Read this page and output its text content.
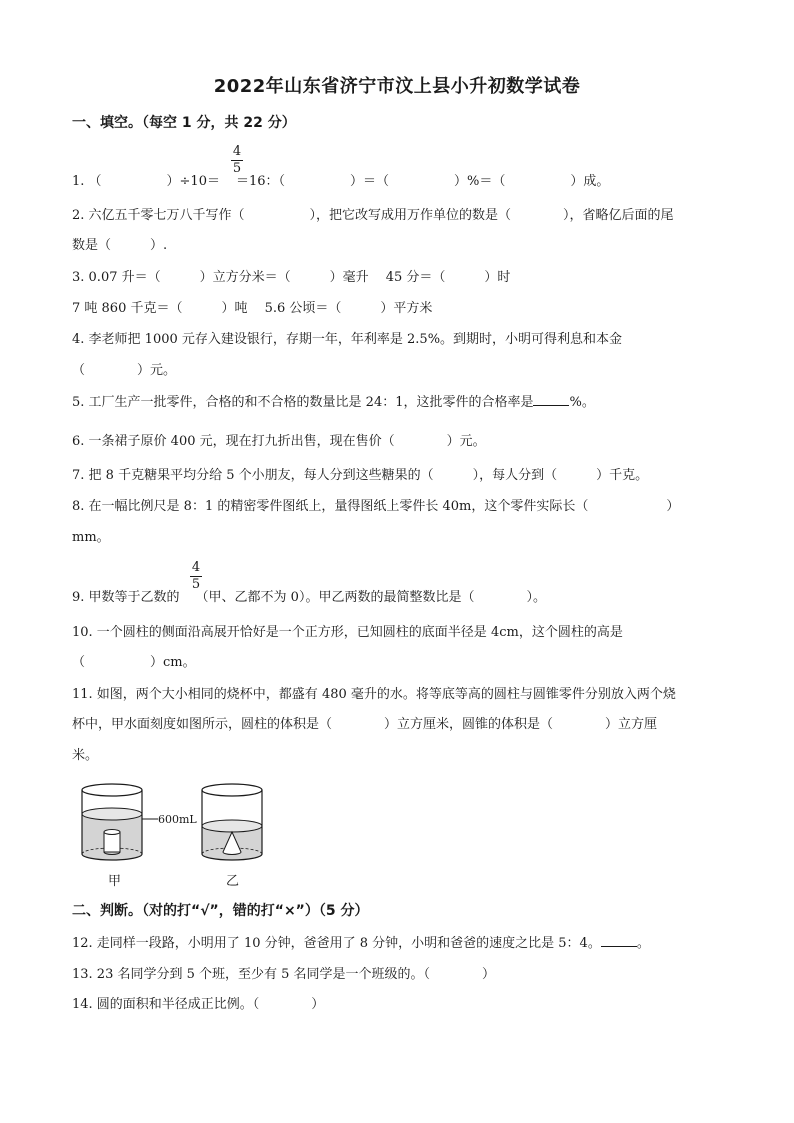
2022年山东省济宁市汶上县小升初数学试卷
一、填空。（每空 1 分，共 22 分）
1. （　　　　　）÷10＝ ＝16：（　　　　　）＝（　　　　　）%＝（　　　　　）成。
4
5
2. 六亿五千零七万八千写作（　　　　　），把它改写成用万作单位的数是（　　　　），省略亿后面的尾
数是（　　　）.
3. 0.07 升＝（　　　）立方分米＝（　　　）毫升　 45 分＝（　　　）时
7 吨 860 千克＝（　　　）吨　 5.6 公顷＝（　　　）平方米
4. 李老师把 1000 元存入建设银行，存期一年，年利率是 2.5%。到期时，小明可得利息和本金
（　　　　）元。
5. 工厂生产一批零件，合格的和不合格的数量比是 24：1，这批零件的合格率是	%。
6. 一条裙子原价 400 元，现在打九折出售，现在售价（　　　　）元。
7. 把 8 千克糖果平均分给 5 个小朋友，每人分到这些糖果的（　　　），每人分到（　　　）千克。
8. 在一幅比例尺是 8：1 的精密零件图纸上，量得图纸上零件长 40m，这个零件实际长（　　　　　　）
mm。
9. 甲数等于乙数的 （甲、乙都不为 0）。甲乙两数的最简整数比是（　　　　）。
4
5
10. 一个圆柱的侧面沿高展开恰好是一个正方形，已知圆柱的底面半径是 4cm，这个圆柱的高是
（　　　　　）cm。
11. 如图，两个大小相同的烧杯中，都盛有 480 毫升的水。将等底等高的圆柱与圆锥零件分别放入两个烧
杯中，甲水面刻度如图所示，圆柱的体积是（　　　　）立方厘米，圆锥的体积是（　　　　）立方厘
米。
600mL
甲	乙
二、判断。（对的打“√”，错的打“×”）（5 分）
12. 走同样一段路，小明用了 10 分钟，爸爸用了 8 分钟，小明和爸爸的速度之比是 5：4。	。
13. 23 名同学分到 5 个班，至少有 5 名同学是一个班级的。（　　　　）
14. 圆的面积和半径成正比例。（　　　　）
